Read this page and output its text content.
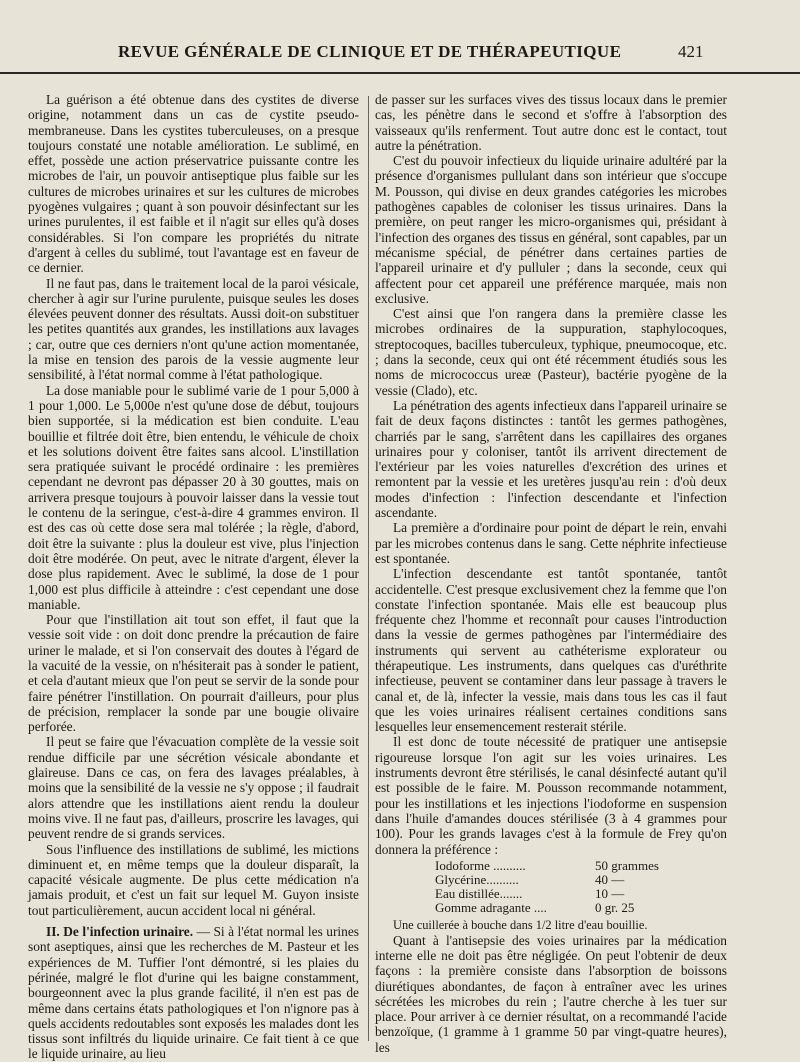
REVUE GÉNÉRALE DE CLINIQUE ET DE THÉRAPEUTIQUE	421

La guérison a été obtenue dans des cystites de diverse origine, notamment dans un cas de cystite pseudo-membraneuse. Dans les cystites tuberculeuses, on a presque toujours constaté une notable amélioration. Le sublimé, en effet, possède une action préservatrice puissante contre les microbes de l'air, un pouvoir antiseptique plus faible sur les cultures de microbes urinaires et sur les cultures de microbes pyogènes vulgaires ; quant à son pouvoir désinfectant sur les urines purulentes, il est faible et il n'agit sur elles qu'à doses considérables. Si l'on compare les propriétés du nitrate d'argent à celles du sublimé, tout l'avantage est en faveur de ce dernier.

Il ne faut pas, dans le traitement local de la paroi vésicale, chercher à agir sur l'urine purulente, puisque seules les doses élevées peuvent donner des résultats. Aussi doit-on substituer les petites quantités aux grandes, les instillations aux lavages ; car, outre que ces derniers n'ont qu'une action momentanée, la mise en tension des parois de la vessie augmente leur sensibilité, à l'état normal comme à l'état pathologique.

La dose maniable pour le sublimé varie de 1 pour 5,000 à 1 pour 1,000. Le 5,000e n'est qu'une dose de début, toujours bien supportée, si la médication est bien conduite. L'eau bouillie et filtrée doit être, bien entendu, le véhicule de choix et les solutions doivent être faites sans alcool. L'instillation sera pratiquée suivant le procédé ordinaire : les premières cependant ne devront pas dépasser 20 à 30 gouttes, mais on arrivera presque toujours à pouvoir laisser dans la vessie tout le contenu de la seringue, c'est-à-dire 4 grammes environ. Il est des cas où cette dose sera mal tolérée ; la règle, d'abord, doit être la suivante : plus la douleur est vive, plus l'injection doit être modérée. On peut, avec le nitrate d'argent, élever la dose plus rapidement. Avec le sublimé, la dose de 1 pour 1,000 est plus difficile à atteindre : c'est cependant une dose maniable.

Pour que l'instillation ait tout son effet, il faut que la vessie soit vide : on doit donc prendre la précaution de faire uriner le malade, et si l'on conservait des doutes à l'égard de la vacuité de la vessie, on n'hésiterait pas à sonder le patient, et cela d'autant mieux que l'on peut se servir de la sonde pour faire pénétrer l'instillation. On pourrait d'ailleurs, pour plus de précision, remplacer la sonde par une bougie olivaire perforée.

Il peut se faire que l'évacuation complète de la vessie soit rendue difficile par une sécrétion vésicale abondante et glaireuse. Dans ce cas, on fera des lavages préalables, à moins que la sensibilité de la vessie ne s'y oppose ; il faudrait alors attendre que les instillations aient rendu la douleur moins vive. Il ne faut pas, d'ailleurs, proscrire les lavages, qui peuvent rendre de si grands services.

Sous l'influence des instillations de sublimé, les mictions diminuent et, en même temps que la douleur disparaît, la capacité vésicale augmente. De plus cette médication n'a jamais produit, et c'est un fait sur lequel M. Guyon insiste tout particulièrement, aucun accident local ni général.

II. De l'infection urinaire. — Si à l'état normal les urines sont aseptiques, ainsi que les recherches de M. Pasteur et les expériences de M. Tuffier l'ont démontré, si les plaies du périnée, malgré le flot d'urine qui les baigne constamment, bourgeonnent avec la plus grande facilité, il n'en est pas de même dans certains états pathologiques et l'on n'ignore pas à quels accidents redoutables sont exposés les malades dont les tissus sont infiltrés du liquide urinaire. Ce fait tient à ce que le liquide urinaire, au lieu

de passer sur les surfaces vives des tissus locaux dans le premier cas, les pénètre dans le second et s'offre à l'absorption des vaisseaux qu'ils renferment. Tout autre donc est le contact, tout autre la pénétration.

C'est du pouvoir infectieux du liquide urinaire adultéré par la présence d'organismes pullulant dans son intérieur que s'occupe M. Pousson, qui divise en deux grandes catégories les microbes pathogènes capables de coloniser les tissus urinaires. Dans la première, on peut ranger les micro-organismes qui, présidant à l'infection des organes des tissus en général, sont capables, par un mécanisme spécial, de pénétrer dans certaines parties de l'appareil urinaire et d'y pulluler ; dans la seconde, ceux qui affectent pour cet appareil une préférence marquée, mais non exclusive.

C'est ainsi que l'on rangera dans la première classe les microbes ordinaires de la suppuration, staphylocoques, streptocoques, bacilles tuberculeux, typhique, pneumocoque, etc. ; dans la seconde, ceux qui ont été récemment étudiés sous les noms de micrococcus ureæ (Pasteur), bactérie pyogène de la vessie (Clado), etc.

La pénétration des agents infectieux dans l'appareil urinaire se fait de deux façons distinctes : tantôt les germes pathogènes, charriés par le sang, s'arrêtent dans les capillaires des organes urinaires pour y coloniser, tantôt ils arrivent directement de l'extérieur par les voies naturelles d'excrétion des urines et remontent par la vessie et les uretères jusqu'au rein : d'où deux modes d'infection : l'infection descendante et l'infection ascendante.

La première a d'ordinaire pour point de départ le rein, envahi par les microbes contenus dans le sang. Cette néphrite infectieuse est spontanée.

L'infection descendante est tantôt spontanée, tantôt accidentelle. C'est presque exclusivement chez la femme que l'on constate l'infection spontanée. Mais elle est beaucoup plus fréquente chez l'homme et reconnaît pour causes l'introduction dans la vessie de germes pathogènes par l'intermédiaire des instruments qui servent au cathéterisme explorateur ou thérapeutique. Les instruments, dans quelques cas d'uréthrite infectieuse, peuvent se contaminer dans leur passage à travers le canal et, de là, infecter la vessie, mais dans tous les cas il faut que les voies urinaires réalisent certaines conditions sans lesquelles leur ensemencement resterait stérile.

Il est donc de toute nécessité de pratiquer une antisepsie rigoureuse lorsque l'on agit sur les voies urinaires. Les instruments devront être stérilisés, le canal désinfecté autant qu'il est possible de le faire. M. Pousson recommande notamment, pour les instillations et les injections l'iodoforme en suspension dans l'huile d'amandes douces stérilisée (3 à 4 grammes pour 100). Pour les grands lavages c'est à la formule de Frey qu'on donnera la préférence :

Iodoforme ..........	50 grammes
Glycérine..........	40 —
Eau distillée.......	10 —
Gomme adragante ....	0 gr. 25

Une cuillerée à bouche dans 1/2 litre d'eau bouillie.

Quant à l'antisepsie des voies urinaires par la médication interne elle ne doit pas être négligée. On peut l'obtenir de deux façons : la première consiste dans l'absorption de boissons diurétiques abondantes, de façon à entraîner avec les urines sécrétées les microbes du rein ; l'autre cherche à les tuer sur place. Pour arriver à ce dernier résultat, on a recommandé l'acide benzoïque, (1 gramme à 1 gramme 50 par vingt-quatre heures), les
